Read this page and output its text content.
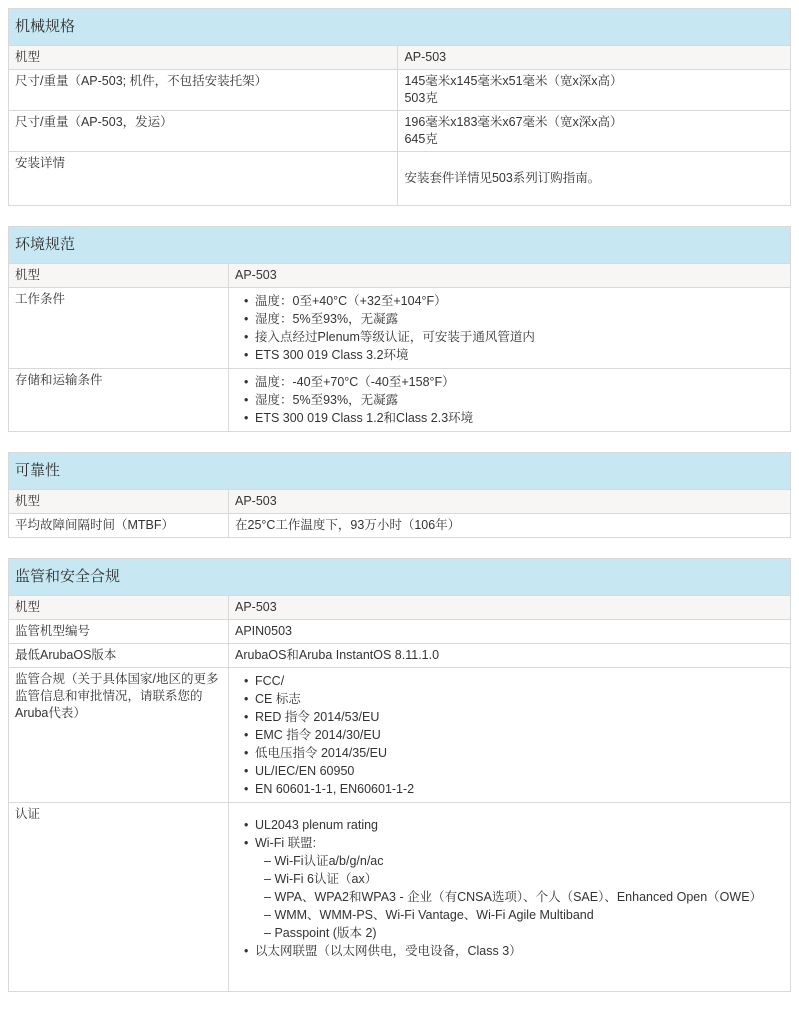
机械规格
机型	AP-503

尺寸/重量（AP-503; 机件，不包括安装托架）	145毫米x145毫米x51毫米（宽x深x高）
503克

尺寸/重量（AP-503，发运）	196毫米x183毫米x67毫米（宽x深x高）
645克

安装详情	安装套件详情见503系列订购指南。
环境规范
机型	AP-503

工作条件	
•温度：0至+40°C（+32至+104°F）
• 湿度：5%至93%，无凝露
• 接入点经过Plenum等级认证，可安装于通风管道内
• ETS 300 019 Class 3.2环境

存储和运输条件	
•温度：-40至+70°C（-40至+158°F）
• 湿度：5%至93%，无凝露
• ETS 300 019 Class 1.2和Class 2.3环境
可靠性
机型	AP-503

平均故障间隔时间（MTBF）	在25°C工作温度下，93万小时（106年）
监管和安全合规
机型	AP-503

监管机型编号	APIN0503

最低ArubaOS版本	ArubaOS和Aruba InstantOS 8.11.1.0

监管合规（关于具体国家/地区的更多监管信息和审批情况，请联系您的Aruba代表）	
• FCC/
• CE 标志
• RED 指令 2014/53/EU
• EMC 指令 2014/30/EU
• 低电压指令 2014/35/EU
• UL/IEC/EN 60950
• EN 60601-1-1, EN60601-1-2

认证	
• UL2043 plenum rating
• Wi-Fi 联盟:
– Wi-Fi认证a/b/g/n/ac
– Wi-Fi 6认证（ax）
– WPA、WPA2和WPA3 - 企业（有CNSA选项）、个人（SAE）、Enhanced Open（OWE）
– WMM、WMM-PS、Wi-Fi Vantage、Wi-Fi Agile Multiband
– Passpoint (版本 2)
• 以太网联盟（以太网供电，受电设备，Class 3）
